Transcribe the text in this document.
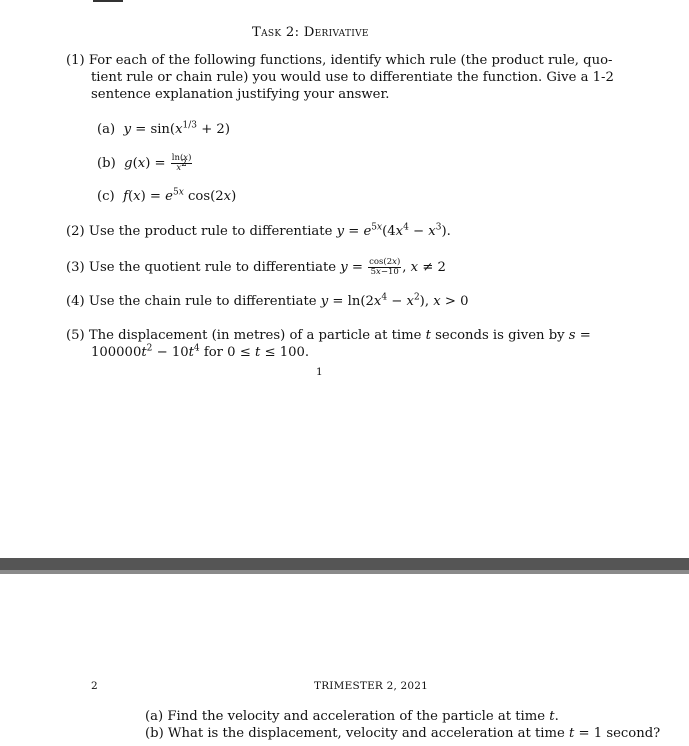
Task 2: Derivative
(1) For each of the following functions, identify which rule (the product rule, quo-
tient rule or chain rule) you would use to differentiate the function. Give a 1-2
sentence explanation justifying your answer.
(a) $y = \sin(x^{1/3} + 2)$
(b) $g(x) = \frac{\ln(x)}{x^2}$
(c) $f(x) = e^{5x}$ cos(2x)
(2) Use the product rule to differentiate $y = e^{5x}(4x^4 - x^3)$.
(3) Use the quotient rule to differentiate $y = \frac{\cos(2x)}{5x-10}$ , x ≠ 2
(4) Use the chain rule to differentiate $y = \ln(2x^4 - x^2)$, x > 0
(5) The displacement (in metres) of a particle at time t seconds is given by s =
$100000t^2 - 10t^4$ for 0 ≤ t ≤ 100.
1
2	TRIMESTER 2, 2021
(a) Find the velocity and acceleration of the particle at time t.
(b) What is the displacement, velocity and acceleration at time t = 1 second?
